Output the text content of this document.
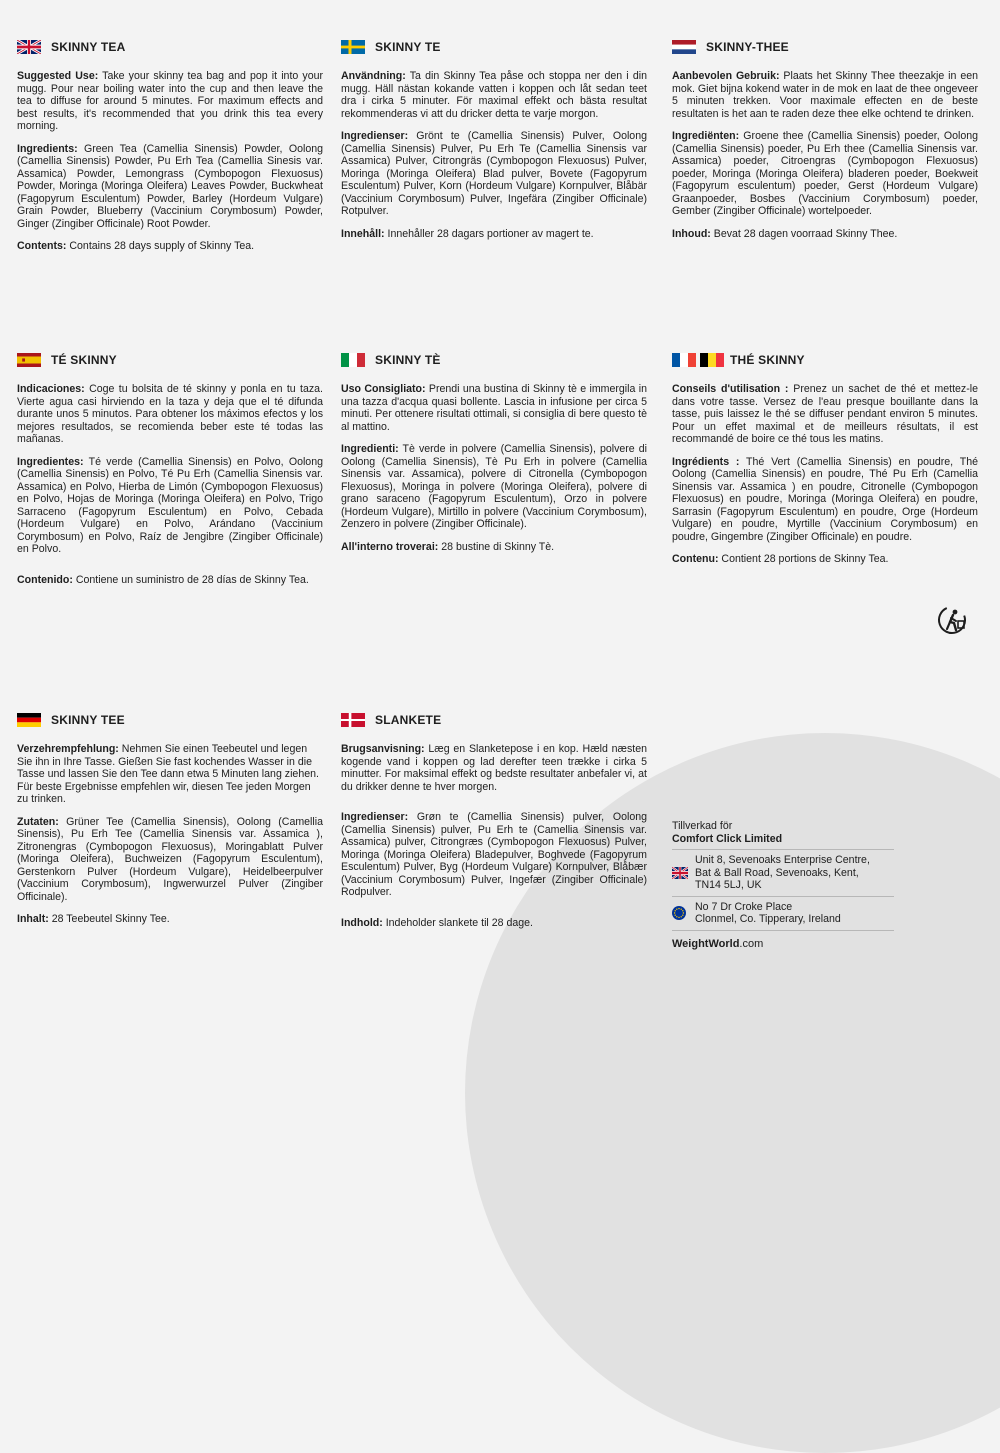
SKINNY TEA

Suggested Use: Take your skinny tea bag and pop it into your mugg. Pour near boiling water into the cup and then leave the tea to diffuse for around 5 minutes. For maximum effects and best results, it's recommended that you drink this tea every morning.

Ingredients: Green Tea (Camellia Sinensis) Powder, Oolong (Camellia Sinensis) Powder, Pu Erh Tea (Camellia Sinesis var. Assamica) Powder, Lemongrass (Cymbopogon Flexuosus) Powder, Moringa (Moringa Oleifera) Leaves Powder, Buckwheat (Fagopyrum Esculentum) Powder, Barley (Hordeum Vulgare) Grain Powder, Blueberry (Vaccinium Corymbosum) Powder, Ginger (Zingiber Officinale) Root Powder.

Contents: Contains 28 days supply of Skinny Tea.

SKINNY TE

Användning: Ta din Skinny Tea påse och stoppa ner den i din mugg. Häll nästan kokande vatten i koppen och låt sedan teet dra i cirka 5 minuter. För maximal effekt och bästa resultat rekommenderas vi att du dricker detta te varje morgon.

Ingredienser: Grönt te (Camellia Sinensis) Pulver, Oolong (Camellia Sinensis) Pulver, Pu Erh Te (Camellia Sinensis var Assamica) Pulver, Citrongräs (Cymbopogon Flexuosus) Pulver, Moringa (Moringa Oleifera) Blad pulver, Bovete (Fagopyrum Esculentum) Pulver, Korn (Hordeum Vulgare) Kornpulver, Blåbär (Vaccinium Corymbosum) Pulver, Ingefära (Zingiber Officinale) Rotpulver.

Innehåll: Innehåller 28 dagars portioner av magert te.

SKINNY-THEE

Aanbevolen Gebruik: Plaats het Skinny Thee theezakje in een mok. Giet bijna kokend water in de mok en laat de thee ongeveer 5 minuten trekken. Voor maximale effecten en de beste resultaten is het aan te raden deze thee elke ochtend te drinken.

Ingrediënten: Groene thee (Camellia Sinensis) poeder, Oolong (Camellia Sinensis) poeder, Pu Erh thee (Camellia Sinensis var. Assamica) poeder, Citroengras (Cymbopogon Flexuosus) poeder, Moringa (Moringa Oleifera) bladeren poeder, Boekweit (Fagopyrum esculentum) poeder, Gerst (Hordeum Vulgare) Graanpoeder, Bosbes (Vaccinium Corymbosum) poeder, Gember (Zingiber Officinale) wortelpoeder.

Inhoud: Bevat 28 dagen voorraad Skinny Thee.

TÉ SKINNY

Indicaciones: Coge tu bolsita de té skinny y ponla en tu taza. Vierte agua casi hirviendo en la taza y deja que el té difunda durante unos 5 minutos. Para obtener los máximos efectos y los mejores resultados, se recomienda beber este té todas las mañanas.

Ingredientes: Té verde (Camellia Sinensis) en Polvo, Oolong (Camellia Sinensis) en Polvo, Té Pu Erh (Camellia Sinensis var. Assamica) en Polvo, Hierba de Limón (Cymbopogon Flexuosus) en Polvo, Hojas de Moringa (Moringa Oleifera) en Polvo, Trigo Sarraceno (Fagopyrum Esculentum) en Polvo, Cebada (Hordeum Vulgare) en Polvo, Arándano (Vaccinium Corymbosum) en Polvo, Raíz de Jengibre (Zingiber Officinale) en Polvo.

Contenido: Contiene un suministro de 28 días de Skinny Tea.

SKINNY TÈ

Uso Consigliato: Prendi una bustina di Skinny tè e immergila in una tazza d'acqua quasi bollente. Lascia in infusione per circa 5 minuti. Per ottenere risultati ottimali, si consiglia di bere questo tè al mattino.

Ingredienti: Tè verde in polvere (Camellia Sinensis), polvere di Oolong (Camellia Sinensis), Tè Pu Erh in polvere (Camellia Sinensis var. Assamica), polvere di Citronella (Cymbopogon Flexuosus), Moringa in polvere (Moringa Oleifera), polvere di grano saraceno (Fagopyrum Esculentum), Orzo in polvere (Hordeum Vulgare), Mirtillo in polvere (Vaccinium Corymbosum), Zenzero in polvere (Zingiber Officinale).

All'interno troverai: 28 bustine di Skinny Tè.

THÉ SKINNY

Conseils d'utilisation : Prenez un sachet de thé et mettez-le dans votre tasse. Versez de l'eau presque bouillante dans la tasse, puis laissez le thé se diffuser pendant environ 5 minutes. Pour un effet maximal et de meilleurs résultats, il est recommandé de boire ce thé tous les matins.

Ingrédients : Thé Vert (Camellia Sinensis) en poudre, Thé Oolong (Camellia Sinensis) en poudre, Thé Pu Erh (Camellia Sinensis var. Assamica ) en poudre, Citronelle (Cymbopogon Flexuosus) en poudre, Moringa (Moringa Oleifera) en poudre, Sarrasin (Fagopyrum Esculentum) en poudre, Orge (Hordeum Vulgare) en poudre, Myrtille (Vaccinium Corymbosum) en poudre, Gingembre (Zingiber Officinale) en poudre.

Contenu: Contient 28 portions de Skinny Tea.

SKINNY TEE

Verzehrempfehlung: Nehmen Sie einen Teebeutel und legen Sie ihn in Ihre Tasse. Gießen Sie fast kochendes Wasser in die Tasse und lassen Sie den Tee dann etwa 5 Minuten lang ziehen. Für beste Ergebnisse empfehlen wir, diesen Tee jeden Morgen zu trinken.

Zutaten: Grüner Tee (Camellia Sinensis), Oolong (Camellia Sinensis), Pu Erh Tee (Camellia Sinensis var. Assamica ), Zitronengras (Cymbopogon Flexuosus), Moringablatt Pulver (Moringa Oleifera), Buchweizen (Fagopyrum Esculentum), Gerstenkorn Pulver (Hordeum Vulgare), Heidelbeerpulver (Vaccinium Corymbosum), Ingwerwurzel Pulver (Zingiber Officinale).

Inhalt: 28 Teebeutel Skinny Tee.

SLANKETE

Brugsanvisning: Læg en Slanketepose i en kop. Hæld næsten kogende vand i koppen og lad derefter teen trække i cirka 5 minutter. For maksimal effekt og bedste resultater anbefaler vi, at du drikker denne te hver morgen.

Ingredienser: Grøn te (Camellia Sinensis) pulver, Oolong (Camellia Sinensis) pulver, Pu Erh te (Camellia Sinensis var. Assamica) pulver, Citrongræs (Cymbopogon Flexuosus) Pulver, Moringa (Moringa Oleifera) Bladepulver, Boghvede (Fagopyrum Esculentum) Pulver, Byg (Hordeum Vulgare) Kornpulver, Blåbær (Vaccinium Corymbosum) Pulver, Ingefær (Zingiber Officinale) Rodpulver.

Indhold: Indeholder slankete til 28 dage.

Tillverkad för
Comfort Click Limited
Unit 8, Sevenoaks Enterprise Centre,
Bat & Ball Road, Sevenoaks, Kent,
TN14 5LJ, UK
No 7 Dr Croke Place
Clonmel, Co. Tipperary, Ireland
WeightWorld.com
